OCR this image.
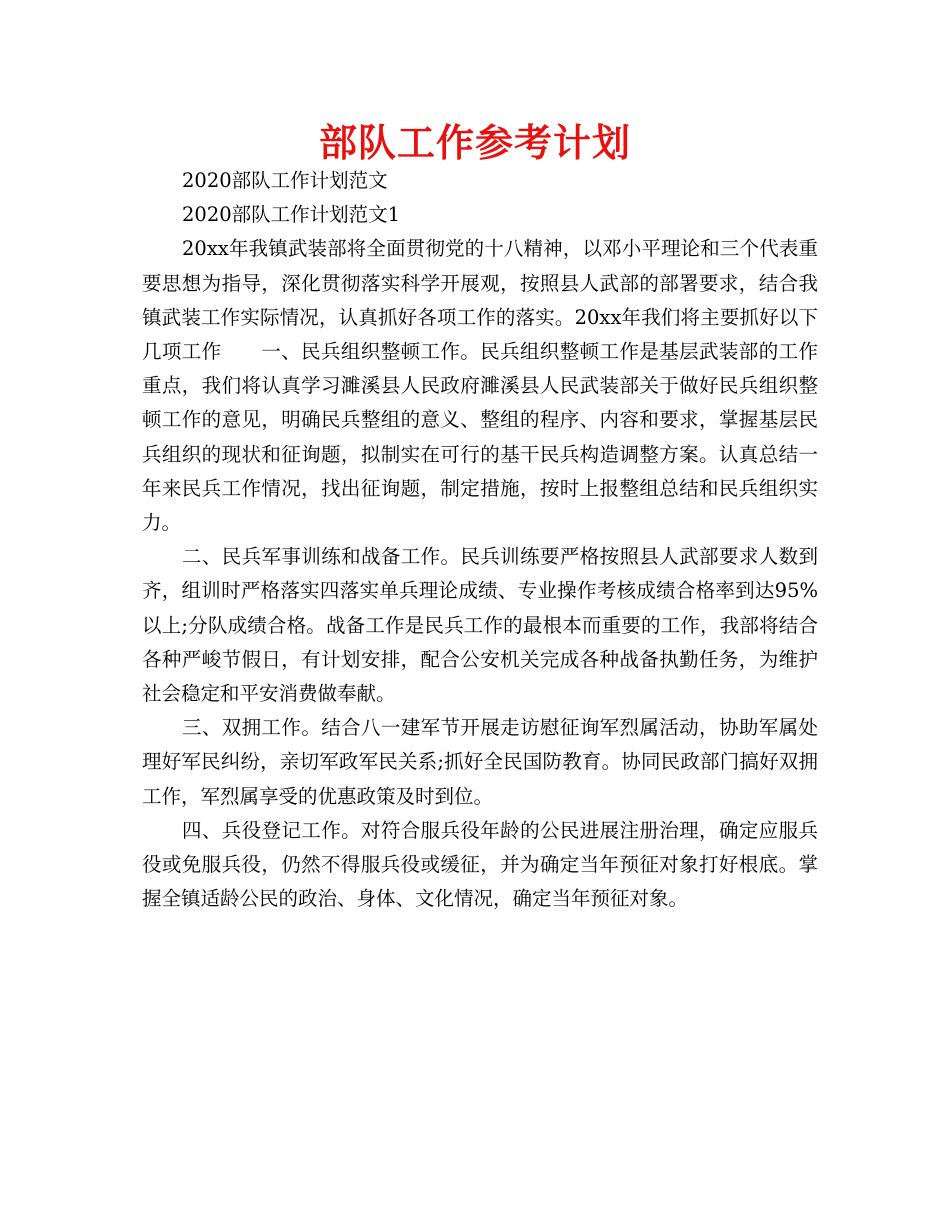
部队工作参考计划

2020部队工作计划范文

2020部队工作计划范文1

20xx年我镇武装部将全面贯彻党的十八精神，以邓小平理论和三个代表重要思想为指导，深化贯彻落实科学开展观，按照县人武部的部署要求，结合我镇武装工作实际情况，认真抓好各项工作的落实。20xx年我们将主要抓好以下几项工作　　一、民兵组织整顿工作。民兵组织整顿工作是基层武装部的工作重点，我们将认真学习濉溪县人民政府濉溪县人民武装部关于做好民兵组织整顿工作的意见，明确民兵整组的意义、整组的程序、内容和要求，掌握基层民兵组织的现状和征询题，拟制实在可行的基干民兵构造调整方案。认真总结一年来民兵工作情况，找出征询题，制定措施，按时上报整组总结和民兵组织实力。

二、民兵军事训练和战备工作。民兵训练要严格按照县人武部要求人数到齐，组训时严格落实四落实单兵理论成绩、专业操作考核成绩合格率到达95%以上;分队成绩合格。战备工作是民兵工作的最根本而重要的工作，我部将结合各种严峻节假日，有计划安排，配合公安机关完成各种战备执勤任务，为维护社会稳定和平安消费做奉献。

三、双拥工作。结合八一建军节开展走访慰征询军烈属活动，协助军属处理好军民纠纷，亲切军政军民关系;抓好全民国防教育。协同民政部门搞好双拥工作，军烈属享受的优惠政策及时到位。

四、兵役登记工作。对符合服兵役年龄的公民进展注册治理，确定应服兵役或免服兵役，仍然不得服兵役或缓征，并为确定当年预征对象打好根底。掌握全镇适龄公民的政治、身体、文化情况，确定当年预征对象。
